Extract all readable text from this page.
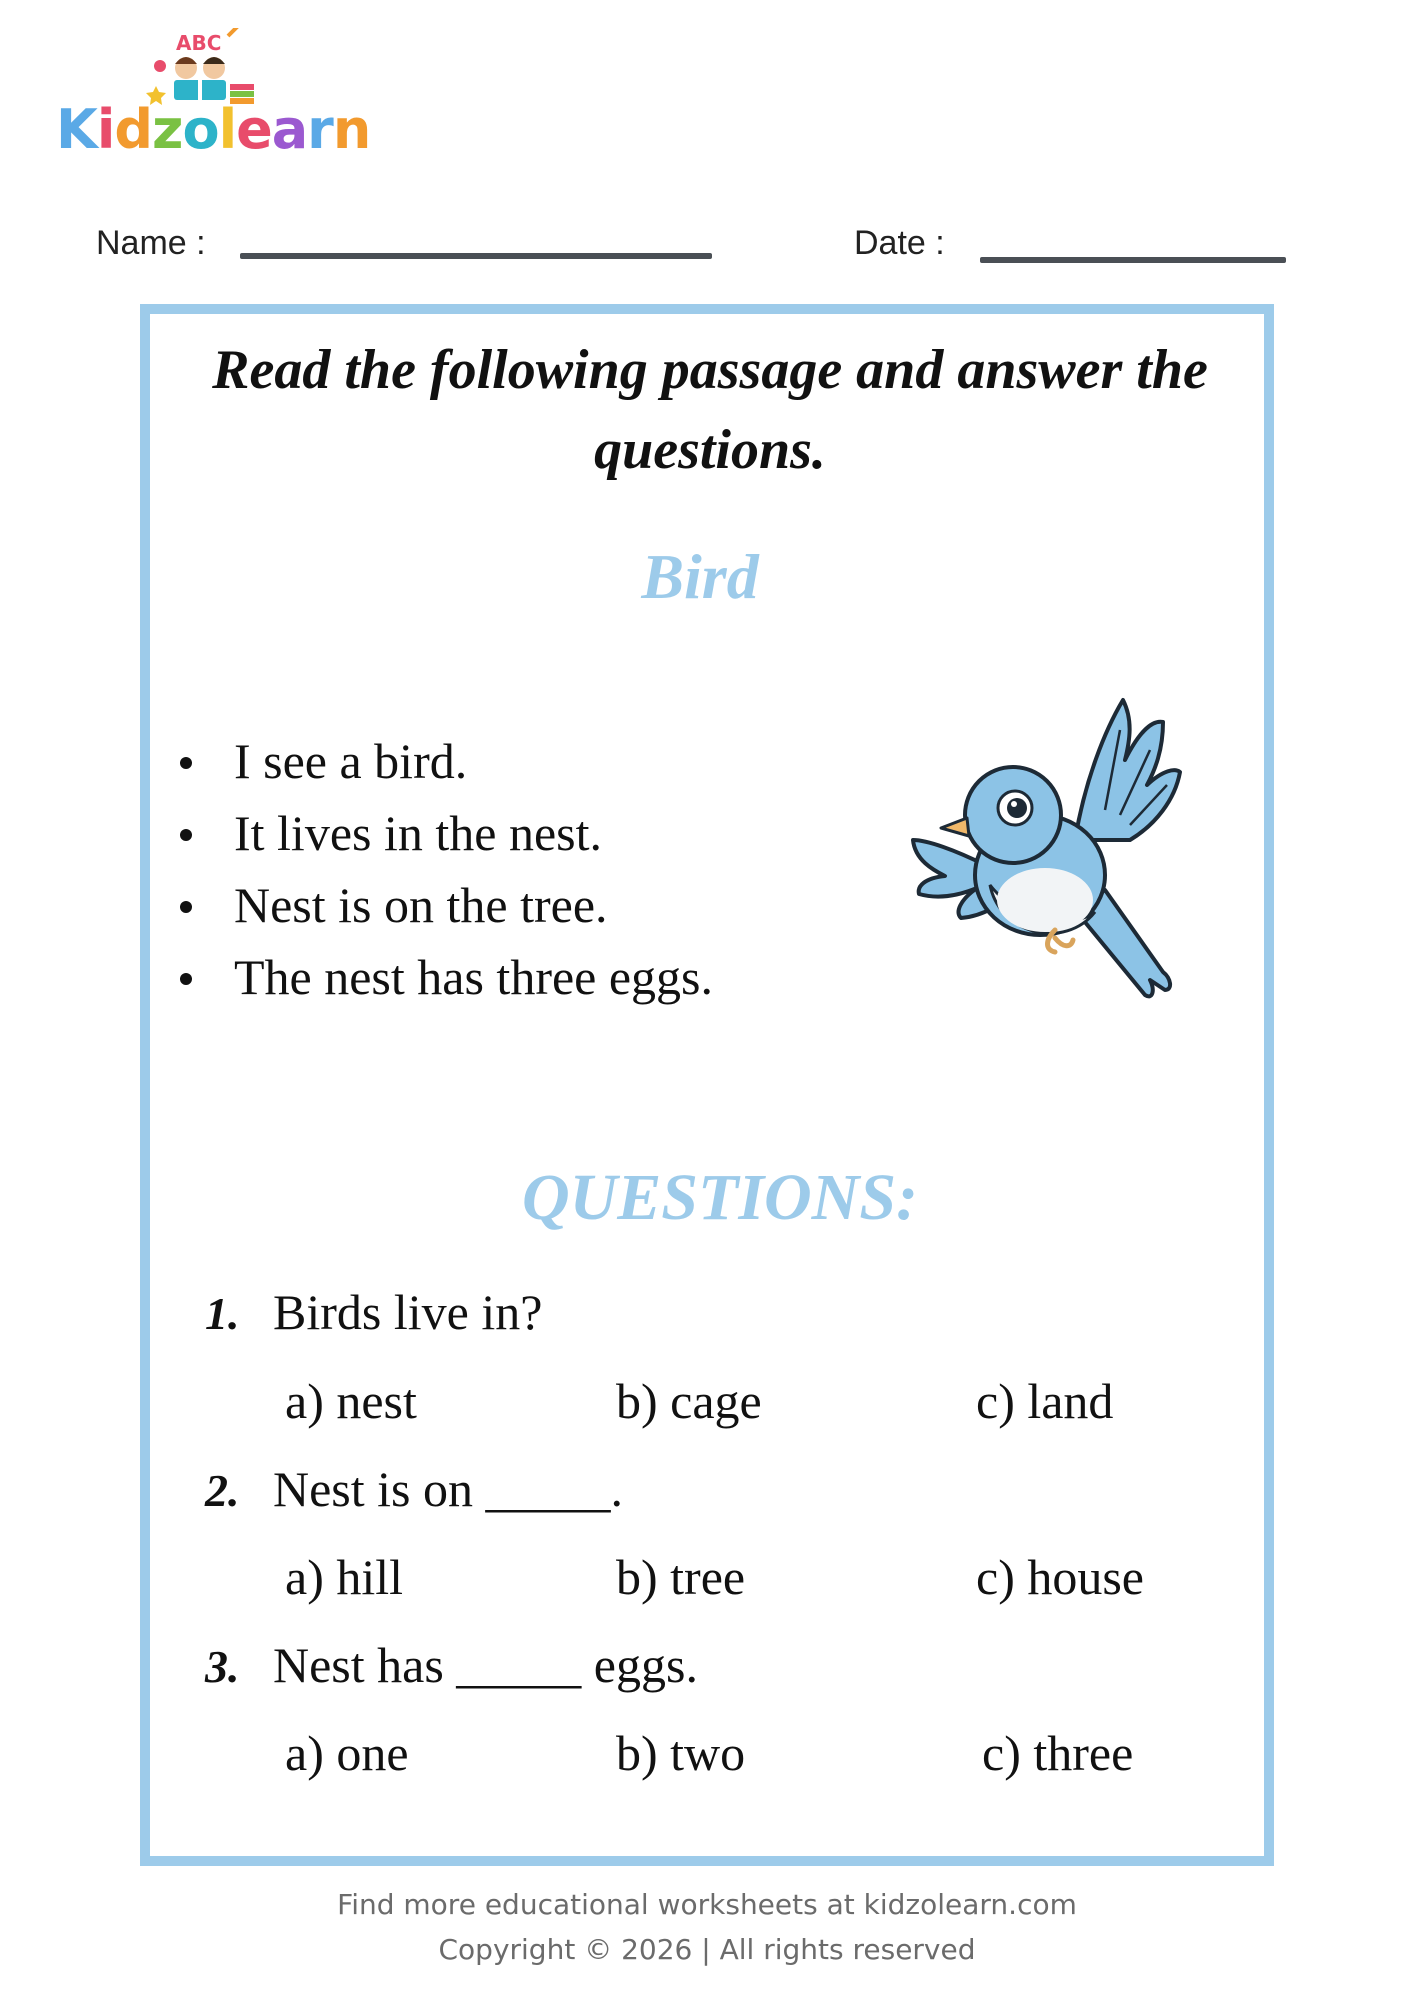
ABC
Kidzolearn
Name :	Date :
Read the following passage and answer the
questions.
Bird
I see a bird.
It lives in the nest.
Nest is on the tree.
The nest has three eggs.
QUESTIONS:
1. Birds live in?
a) nest	b) cage	c) land
2. Nest is on _____.
a) hill	b) tree	c) house
3. Nest has _____ eggs.
a) one	b) two	c) three
Find more educational worksheets at kidzolearn.com
Copyright © 2026 | All rights reserved
